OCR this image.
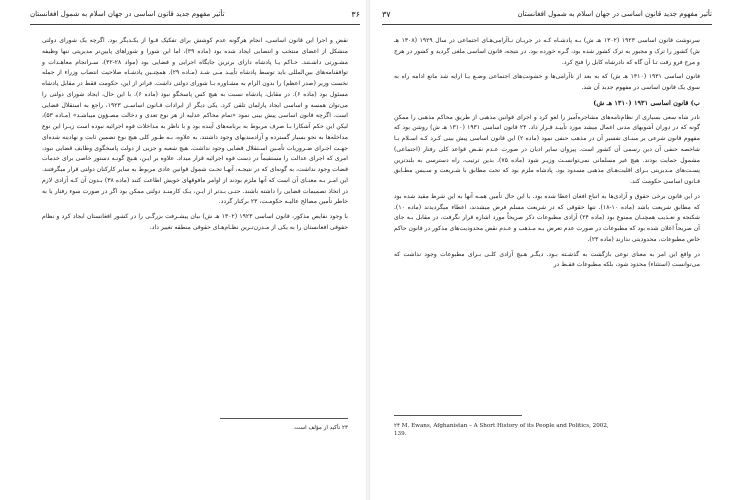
۳۶
تأثیر مفهوم جدید قانون اساسی در جهان اسلام به شمول افغانستان

نقض و اجرا این قانون اساسی، انجام هرگونه عدم کوشش برای تفکیک قـوا از یکـدیگر بود. اگرچه یک شورای دولتی متشکل از اعضای منتخب و انتصابی ایجاد شده بود (ماده ۳۹)، اما این شورا و شوراهای پایین‌تر مدیریتی تنها وظیفه مشـورتی داشـتند. حـاکم یـا پادشاه دارای برترین جایگاه اجرایی و قضایی بود (مواد ۲۸-۳۲)، سـراتجام معاهـدات و توافقنامه‌های بین‌المللی باید توسط پادشاه تأییـد مـی شـد (مـاده ۲۹). همچنـین پادشـاه صلاحیت انتصاب وزراء از جمله نخست وزیر (صدر اعظم) را بدون الزام به مشـاوره بـا شورای دولتی داشت. فراتر از این، حکومت فقط در مقابل پادشاه مسئول بود (ماده ۶). در مقابل، پادشاه نسبت به هیچ کس پاسخگو نبود (ماده ۶). با این حال، ایجاد شورای دولتی را می‌توان همسه و اساسی ایجاد پارلمان تلقی کرد. یکی دیگر از ایرادات قـانون اساسـی ۱۹۲۳، راجع به استقلال قضایی است. اگرچه قانون اساسی پیش بینی نمود «تمام محاکم عدلیه از هر نوع تعدی و دخالت مصـؤون میباشـد» (مـاده ۵۳)، لیکن این حکم آشکارا بـا صرف مربوط به برنامه‌های آینده بود و با ناظر به مداخلات قوه اجرائیه نبوده است زیـرا این نوع مداخله‌ها به نحو بسیار گسترده و آزادمندیهای وجود داشتند. به علاوه، بـه طـور کلی هیچ نوع تضمین ثابت و نهادینه شده‌ای جهـت اجـرای ضـروریات تأمـین اسـتقلال قضایی وجود نداشت. هیچ شعبه و جزیی از دولت پاسخگوی وظایف قضایی نبود، امری که اجرای عدالت را مستقیماً در دست قوه اجرائیه قرار میداد. علاوه بر ایـن، هـیچ گونـه دستور خاصی برای خدمات قضات وجود نداشت، به گونه‌ای که در نتیجـه، آنهـا تحـت شمول قوانین عادی مربوط به سایر کارکنان دولتی قرار میگرفتند. این امـر بـه معنـای آن است که آنها ملزم بودند از اوامر مافوقهای خویش اطاعت کنند (ماده ۳۸) بـدون آن کـه آزادی لازم در اتخاذ تصمیمات قضایی را داشته باشند. حتـی بـدتر از ایـن، یـک کارمنـد دولتی ممکن بود اگر در صورت سوء رفتار یا به خاطر تأمین مصالح عالیـه حکومـت، ۲۳ برکنار گردد.

با وجود نقایص مذکور، قانون اساسی ۱۹۲۳ (۱۳۰۲ هـ ش) بیان پیشـرفت بزرگـی را در کشور افغانستان ایجاد کرد و نظام حقوقی افغانستان را به یکی از مـدرن‌تـرین نظـام‌هـای حقوقی منطقه تغییر داد.

۲۳ تأکید از مؤلف است.
تأثیر مفهوم جدید قانون اساسی در جهان اسلام به شمول افغانستان
۳۷

سرنوشت قانون اساسی ۱۹۲۳ (۱۳۰۲ هـ ش) بـه پادشـاه کـه در جریـان نـاآرامی‌هـای اجتماعی در سال ۱۹۲۹ (۱۳۰۸ هـ ش) کشور را ترک و مجبور به ترک کشور شده بود، گـره خورده بود. در نتیجه، قانون اساسی ملغی گردید و کشور در هرج و مرج فرو رفت تـا آن گاه که نادرشاه کابل را فتح کرد.

قانون اساسی ۱۹۳۱ (۱۳۱۰ هـ ش) که به بعد از ناآرامی‌ها و خشونت‌های اجتماعی وضـع یـا ارایه شد مانع ادامه راه به سوی یک قانون اساسی در مفهوم جدید آن شد.

ب) قانون اساسی ۱۹۳۱ (۱۳۱۰ هـ ش)

نادر شاه سعی بسیاری از نظام‌نامه‌های مشاجره‌آمیز را لغو کرد و اجرای قوانین مذهبی از طریق محاکم مذهبی را ممکن گونه که در دوران آشوبهای مدنی اعمال میشد مورد تأییـد قـرار داد. ۲۴ قانون اساسی ۱۹۳۱ (۱۳۱۰ هـ ش) روشن بود که مفهوم قانون شرعی بر مبنـای تفسیر آن در مذهب حنفی نمود (ماده ۲) این قانون اساسی پیش بینی کـرد کـه اسـلام بـا شاخصه حنفی آن دین رسمی آن کشور است. پیروان سایر ادیان در صورت عـدم نقـض قواعد کلی رفتار (اجتماعی) مشمول حمایت بودند. هیچ غیر مسلمانی نمی‌توانسـت وزیـر شود (ماده ۷۵). بدین ترتیب، راه دسترسی به بلندترین پسـت‌های مـدیریتی بـرای اقلیت‌هـای مذهبی مسدود بود. پادشاه ملزم بود که تحت مطابق با شـریعت و سـیس مطـابق قـانون اساسی حکومت کند.

در این قانون برخی حقوق و آزادی‌ها به اتباع افغان اعطا شده بود. با این حال تأمین همـه آنها به این شرط مقید شده بود که مطابق شریعت باشد (ماده ۱۰-۱۸). تنها حقوقی که در شریعت مسلم فرض میشدند، اعطاء میگردیدند (ماده ۱۰). شکنجه و تعـذیب همچنـان ممنوع بود (ماده ۲۴) آزادی مطبوعات ذکر صریحاً مورد اشاره قرار نگرفت، در مقابل بـه جای آن صریحاً اعلان شده بود که مطبوعات در صورت عدم تعرض بـه مـذهب و عـدم نقض محدودیت‌های مذکور در قانون حاکم خاص مطبوعات، محدودیتی ندارند (ماده ۲۳).

در واقع این امر به معنای نوعی بازگشت به گذشـته بـود. دیگـر هـیچ آزادی کلـی بـرای مطبوعات وجود نداشت که می‌توانست (استثناء) محدود شود، بلکه مطبوعات فقـط در

۲۴ M. Ewans, Afghanistan – A Short History of its People and Politics, 2002,
139.
